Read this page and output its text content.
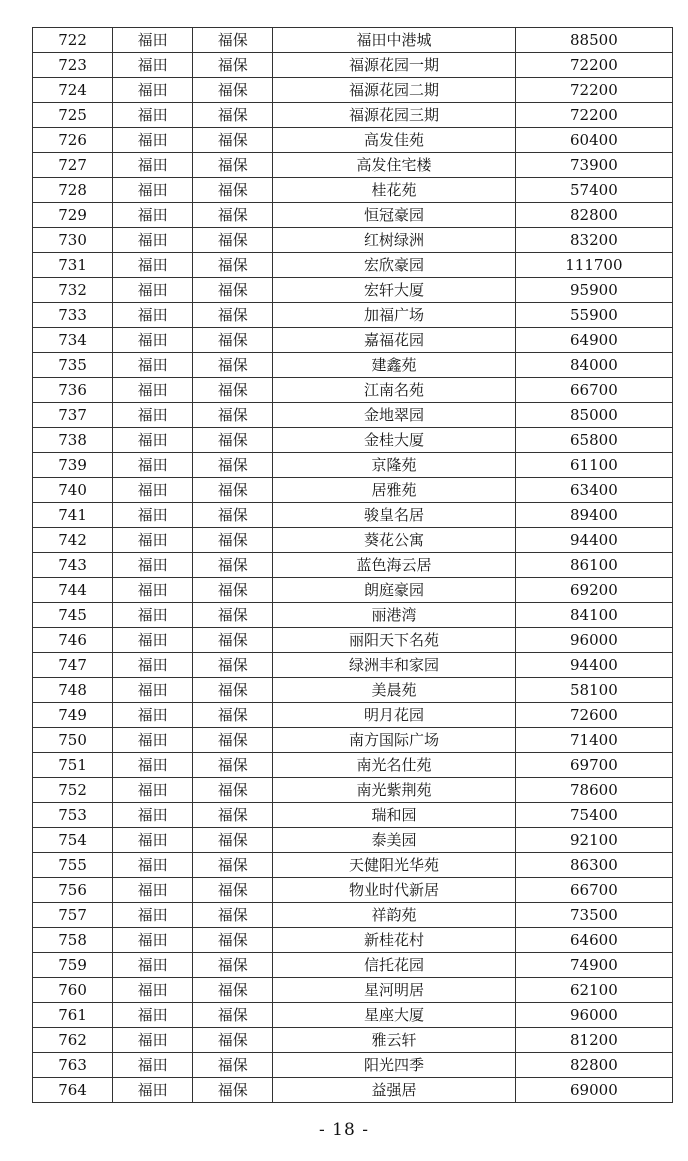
722	福田	福保	福田中港城	88500
723	福田	福保	福源花园一期	72200
724	福田	福保	福源花园二期	72200
725	福田	福保	福源花园三期	72200
726	福田	福保	高发佳苑	60400
727	福田	福保	高发住宅楼	73900
728	福田	福保	桂花苑	57400
729	福田	福保	恒冠豪园	82800
730	福田	福保	红树绿洲	83200
731	福田	福保	宏欣豪园	111700
732	福田	福保	宏轩大厦	95900
733	福田	福保	加福广场	55900
734	福田	福保	嘉福花园	64900
735	福田	福保	建鑫苑	84000
736	福田	福保	江南名苑	66700
737	福田	福保	金地翠园	85000
738	福田	福保	金桂大厦	65800
739	福田	福保	京隆苑	61100
740	福田	福保	居雅苑	63400
741	福田	福保	骏皇名居	89400
742	福田	福保	葵花公寓	94400
743	福田	福保	蓝色海云居	86100
744	福田	福保	朗庭豪园	69200
745	福田	福保	丽港湾	84100
746	福田	福保	丽阳天下名苑	96000
747	福田	福保	绿洲丰和家园	94400
748	福田	福保	美晨苑	58100
749	福田	福保	明月花园	72600
750	福田	福保	南方国际广场	71400
751	福田	福保	南光名仕苑	69700
752	福田	福保	南光紫荆苑	78600
753	福田	福保	瑞和园	75400
754	福田	福保	泰美园	92100
755	福田	福保	天健阳光华苑	86300
756	福田	福保	物业时代新居	66700
757	福田	福保	祥韵苑	73500
758	福田	福保	新桂花村	64600
759	福田	福保	信托花园	74900
760	福田	福保	星河明居	62100
761	福田	福保	星座大厦	96000
762	福田	福保	雅云轩	81200
763	福田	福保	阳光四季	82800
764	福田	福保	益强居	69000
- 18 -
